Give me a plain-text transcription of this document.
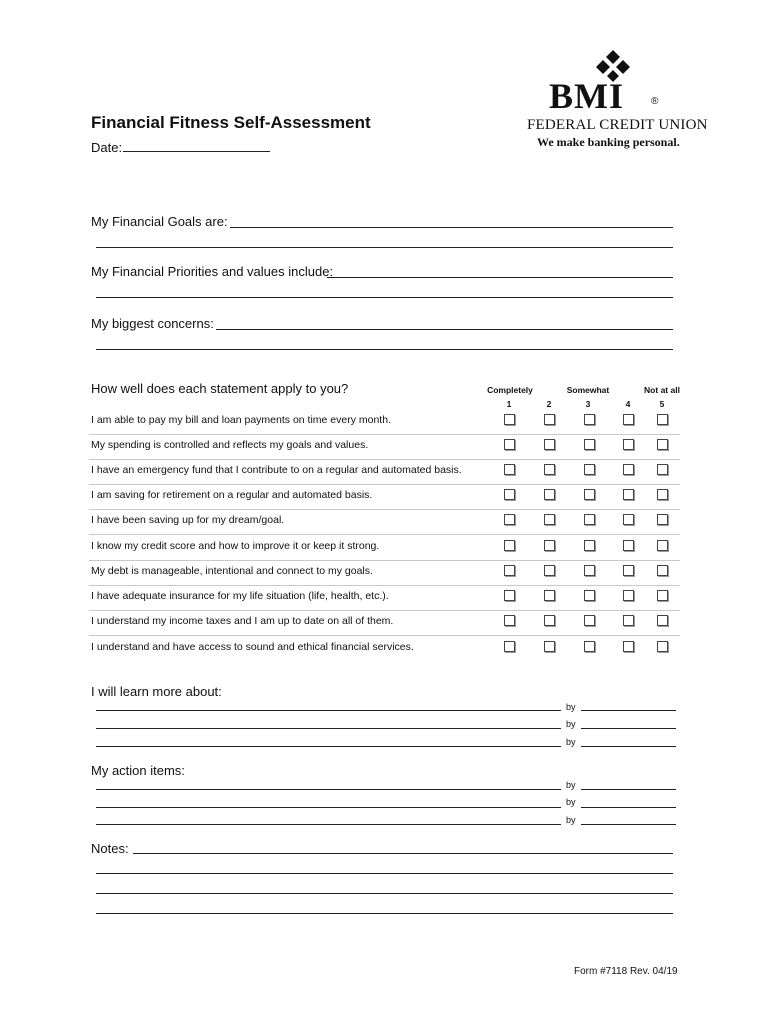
BMI	®
FEDERAL CREDIT UNION
We make banking personal.
Financial Fitness Self-Assessment
Date:
My Financial Goals are:
My Financial Priorities and values include:
My biggest concerns:
How well does each statement apply to you?	Completely	Somewhat	Not at all
1	2	3	4	5
I am able to pay my bill and loan payments on time every month.
My spending is controlled and reflects my goals and values.
I have an emergency fund that I contribute to on a regular and automated basis.
I am saving for retirement on a regular and automated basis.
I have been saving up for my dream/goal.
I know my credit score and how to improve it or keep it strong.
My debt is manageable, intentional and connect to my goals.
I have adequate insurance for my life situation (life, health, etc.).
I understand my income taxes and I am up to date on all of them.
I understand and have access to sound and ethical financial services.
I will learn more about:
by
by
by
My action items:
by
by
by
Notes:
Form #7118 Rev. 04/19
